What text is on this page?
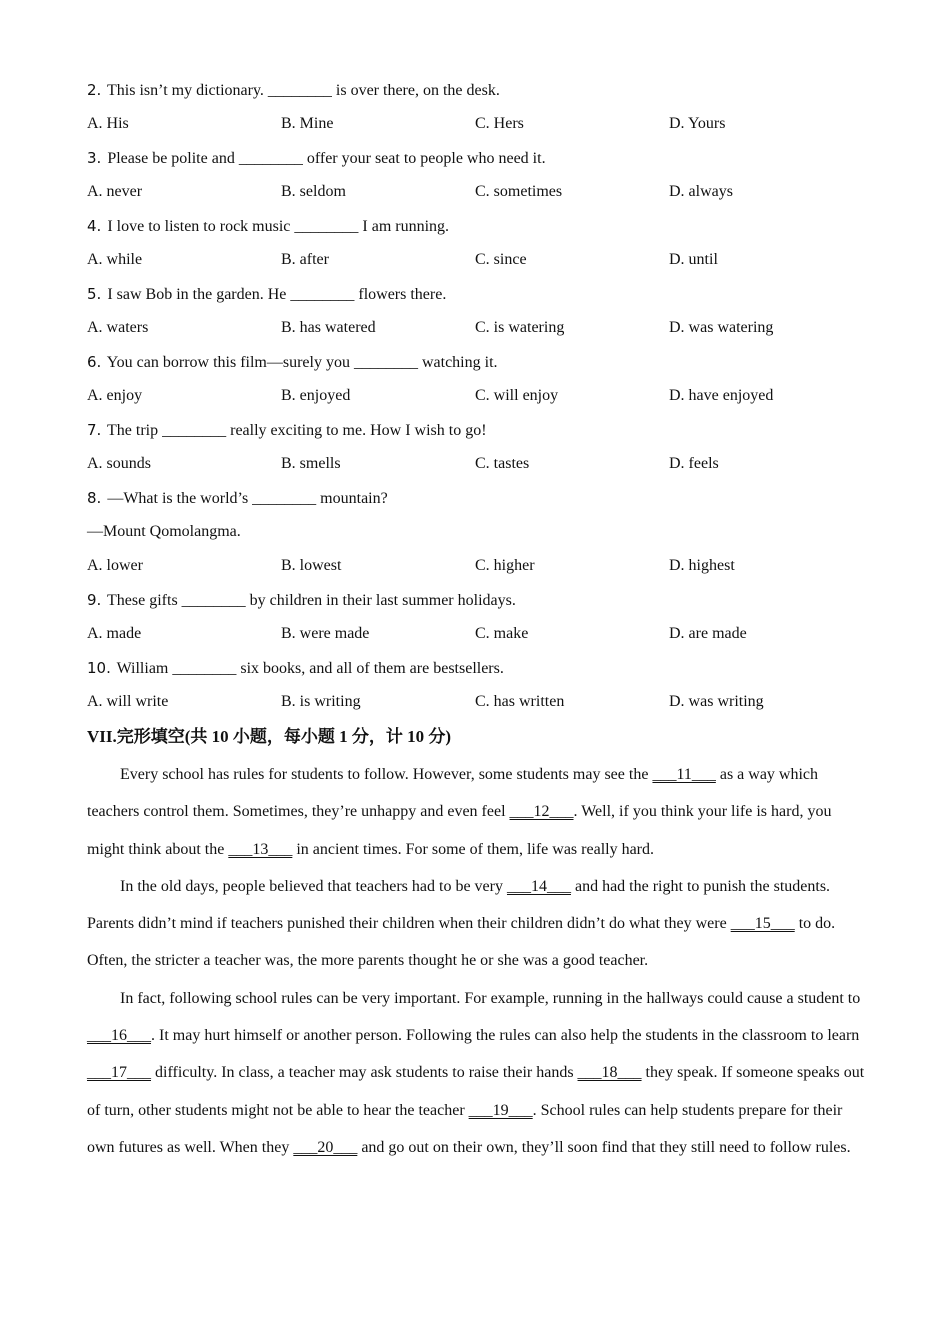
2. This isn’t my dictionary. ________ is over there, on the desk.
A. His	B. Mine	C. Hers	D. Yours
3. Please be polite and ________ offer your seat to people who need it.
A. never	B. seldom	C. sometimes	D. always
4. I love to listen to rock music ________ I am running.
A. while	B. after	C. since	D. until
5. I saw Bob in the garden. He ________ flowers there.
A. waters	B. has watered	C. is watering	D. was watering
6. You can borrow this film—surely you ________ watching it.
A. enjoy	B. enjoyed	C. will enjoy	D. have enjoyed
7. The trip ________ really exciting to me. How I wish to go!
A. sounds	B. smells	C. tastes	D. feels
8. —What is the world’s ________ mountain?
—Mount Qomolangma.
A. lower	B. lowest	C. higher	D. highest
9. These gifts ________ by children in their last summer holidays.
A. made	B. were made	C. make	D. are made
10. William ________ six books, and all of them are bestsellers.
A. will write	B. is writing	C. has written	D. was writing
VII.完形填空(共 10 小题，每小题 1 分，计 10 分)

Every school has rules for students to follow. However, some students may see the ___11___ as a way which teachers control them. Sometimes, they’re unhappy and even feel ___12___. Well, if you think your life is hard, you might think about the ___13___ in ancient times. For some of them, life was really hard.

In the old days, people believed that teachers had to be very ___14___ and had the right to punish the students. Parents didn’t mind if teachers punished their children when their children didn’t do what they were ___15___ to do. Often, the stricter a teacher was, the more parents thought he or she was a good teacher.

In fact, following school rules can be very important. For example, running in the hallways could cause a student to ___16___. It may hurt himself or another person. Following the rules can also help the students in the classroom to learn ___17___ difficulty. In class, a teacher may ask students to raise their hands ___18___ they speak. If someone speaks out of turn, other students might not be able to hear the teacher ___19___. School rules can help students prepare for their own futures as well. When they ___20___ and go out on their own, they’ll soon find that they still need to follow rules.
